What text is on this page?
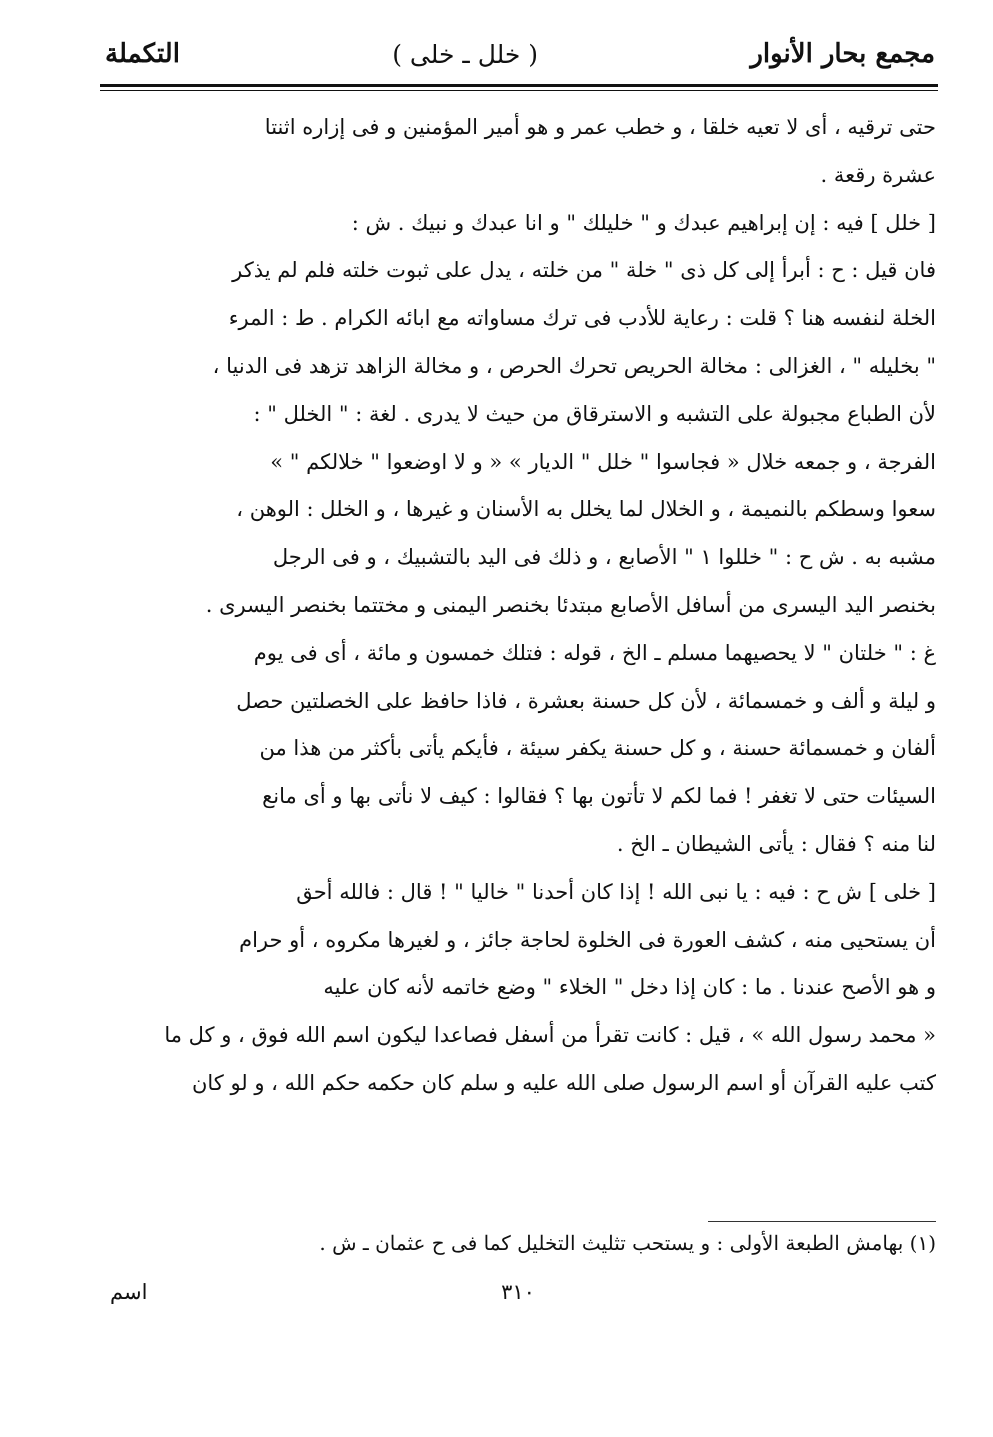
مجمع بحار الأنوار
( خلل ـ خلى )
التكملة

حتى ترقيه ، أى لا تعيه خلقا ، و خطب عمر و هو أمير المؤمنين و فى إزاره اثنتا

عشرة رقعة .

[ خلل ] فيه : إن إبراهيم عبدك و " خليلك " و انا عبدك و نبيك . ش :

فان قيل : ح : أبرأ إلى كل ذى " خلة " من خلته ، يدل على ثبوت خلته فلم لم يذكر

الخلة لنفسه هنا ؟ قلت : رعاية للأدب فى ترك مساواته مع ابائه الكرام . ط : المرء

" بخليله " ، الغزالى : مخالة الحريص تحرك الحرص ، و مخالة الزاهد تزهد فى الدنيا ،

لأن الطباع مجبولة على التشبه و الاسترقاق من حيث لا يدرى . لغة : " الخلل " :

الفرجة ، و جمعه خلال « فجاسوا " خلل " الديار » « و لا اوضعوا " خلالكم " »

سعوا وسطكم بالنميمة ، و الخلال لما يخلل به الأسنان و غيرها ، و الخلل : الوهن ،

مشبه به . ش ح : " خللوا ١ " الأصابع ، و ذلك فى اليد بالتشبيك ، و فى الرجل

بخنصر اليد اليسرى من أسافل الأصابع مبتدئا بخنصر اليمنى و مختتما بخنصر اليسرى .

غ : " خلتان " لا يحصيهما مسلم ـ الخ ، قوله : فتلك خمسون و مائة ، أى فى يوم

و ليلة و ألف و خمسمائة ، لأن كل حسنة بعشرة ، فاذا حافظ على الخصلتين حصل

ألفان و خمسمائة حسنة ، و كل حسنة يكفر سيئة ، فأيكم يأتى بأكثر من هذا من

السيئات حتى لا تغفر ! فما لكم لا تأتون بها ؟ فقالوا : كيف لا نأتى بها و أى مانع

لنا منه ؟ فقال : يأتى الشيطان ـ الخ .

[ خلى ] ش ح : فيه : يا نبى الله ! إذا كان أحدنا " خاليا " ! قال : فالله أحق

أن يستحيى منه ، كشف العورة فى الخلوة لحاجة جائز ، و لغيرها مكروه ، أو حرام

و هو الأصح عندنا . ما : كان إذا دخل " الخلاء " وضع خاتمه لأنه كان عليه

« محمد رسول الله » ، قيل : كانت تقرأ من أسفل فصاعدا ليكون اسم الله فوق ، و كل ما

كتب عليه القرآن أو اسم الرسول صلى الله عليه و سلم كان حكمه حكم الله ، و لو كان

(١) بهامش الطبعة الأولى : و يستحب تثليث التخليل كما فى ح عثمان ـ ش .
٣١٠
اسم
